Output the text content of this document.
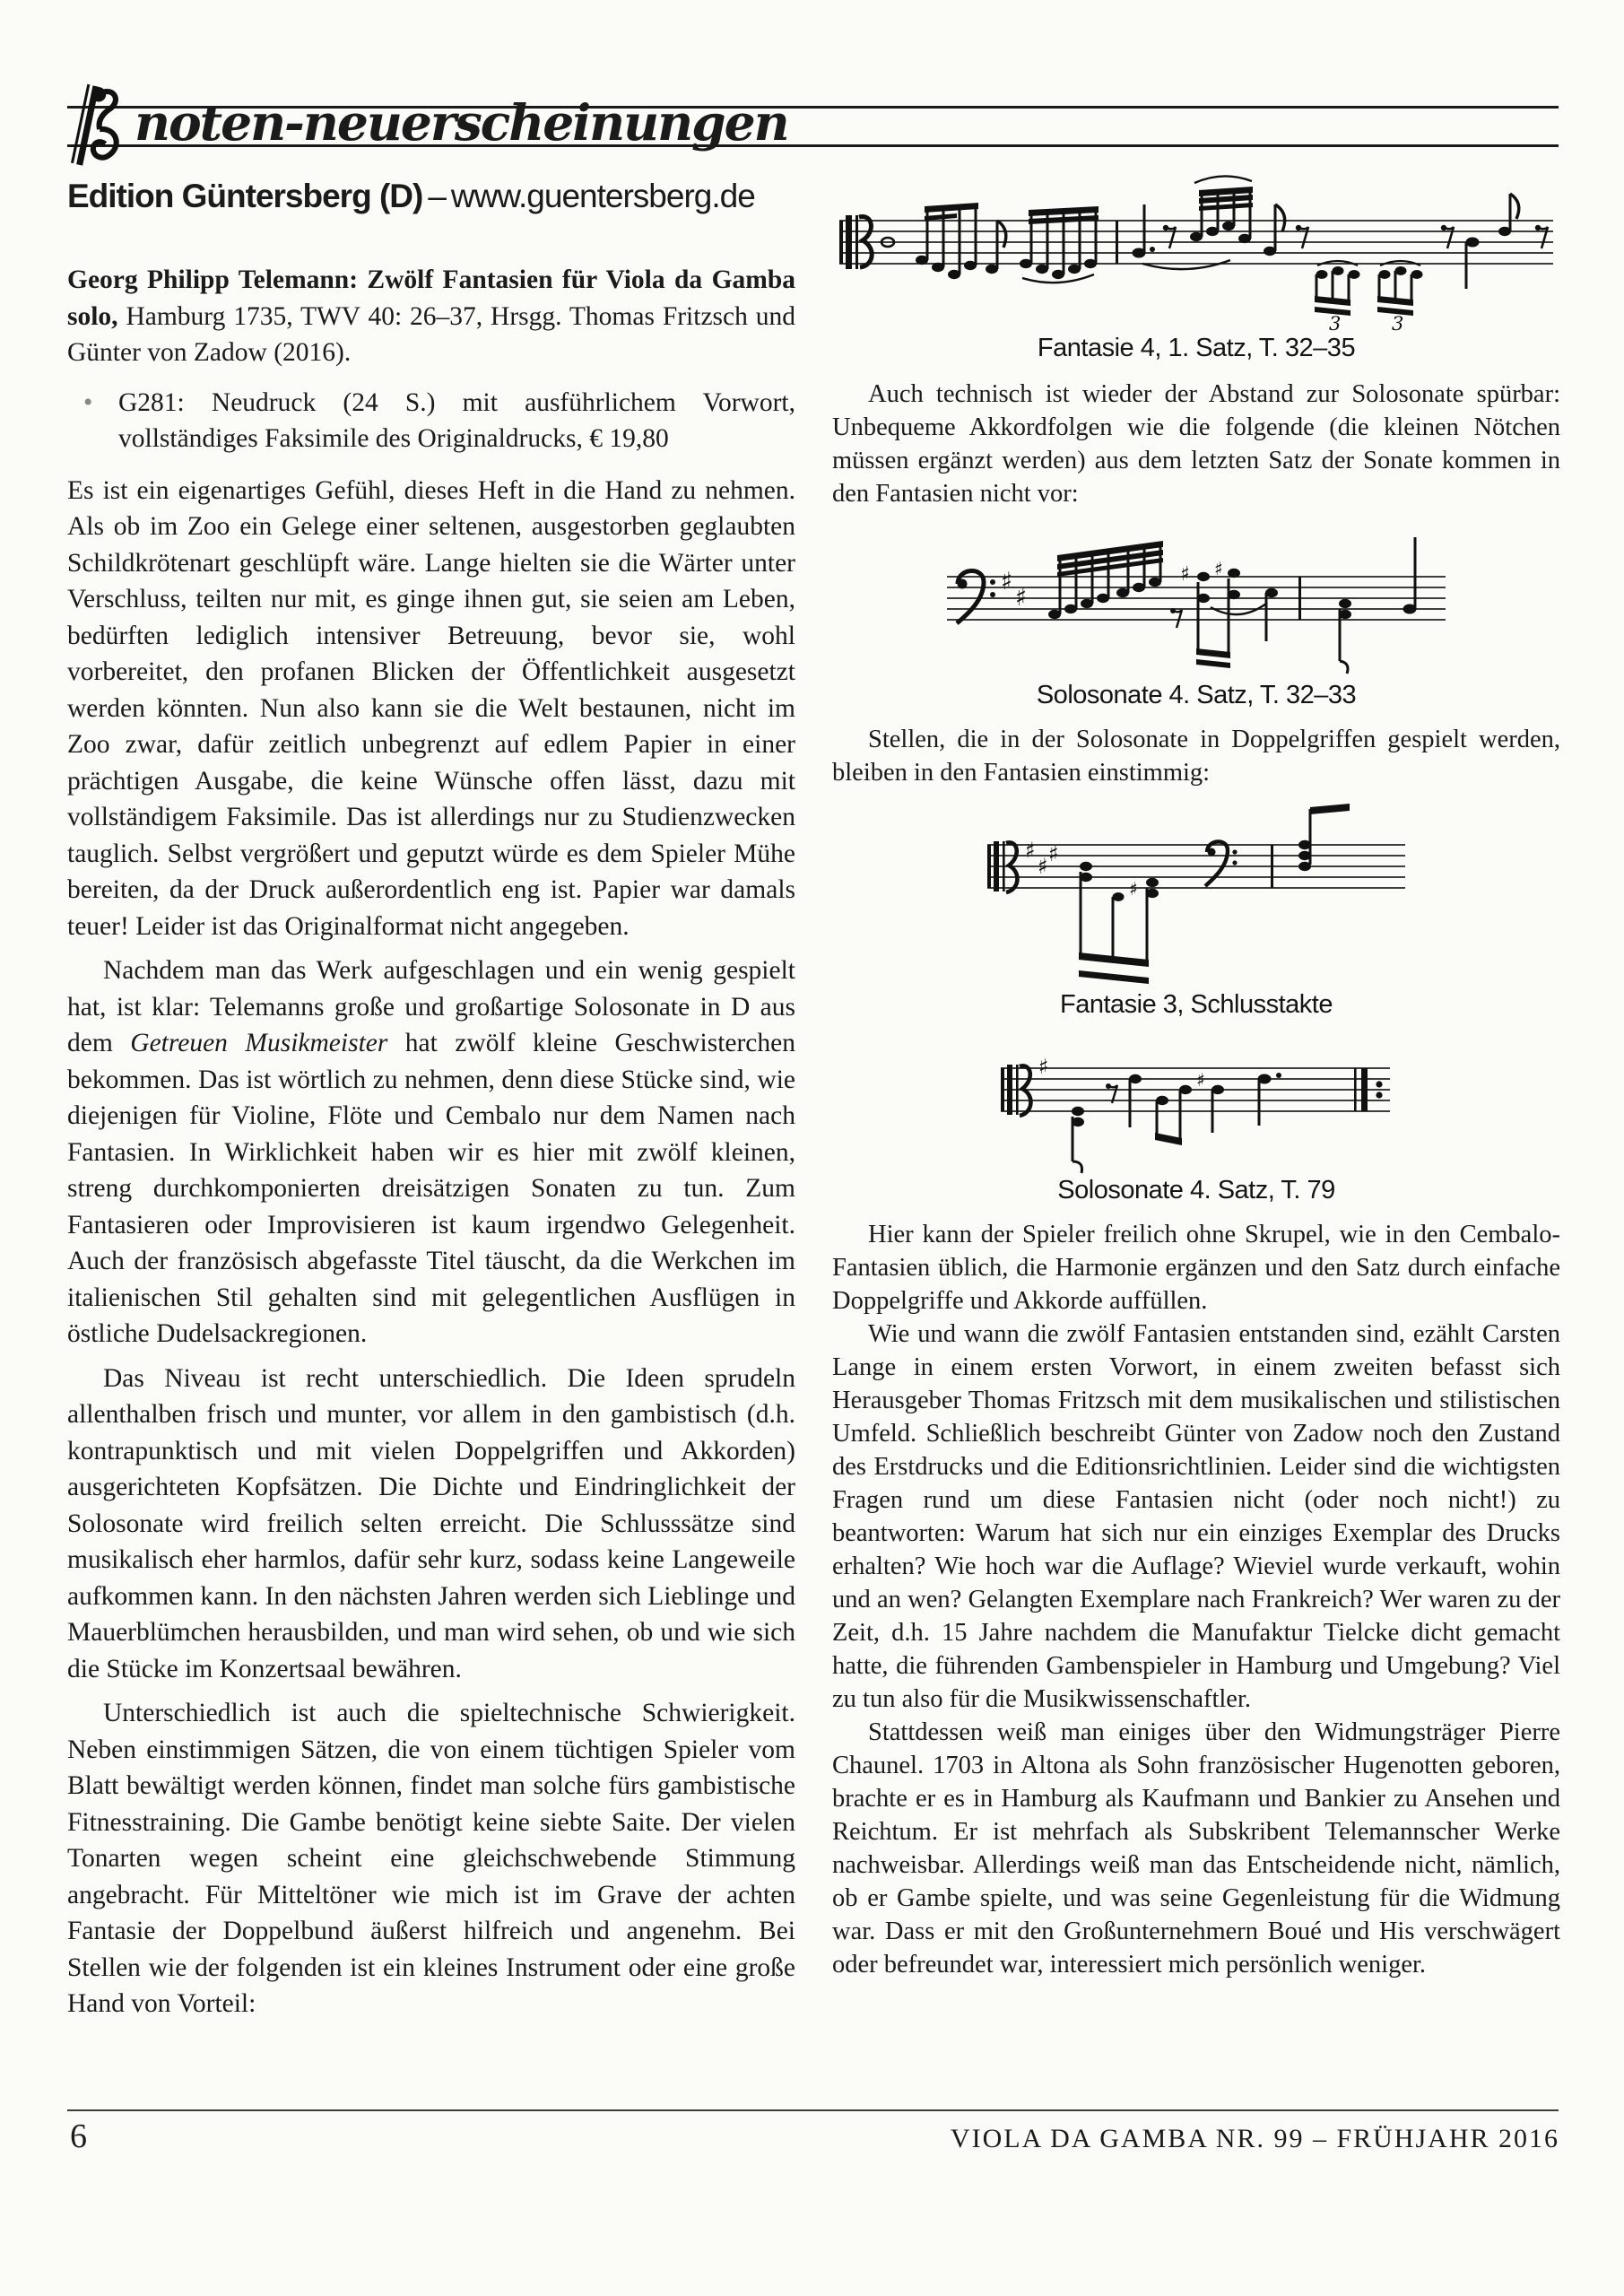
noten-neuerscheinungen
Edition Güntersberg (D) – www.guentersberg.de

Georg Philipp Telemann: Zwölf Fantasien für Viola da Gamba solo, Hamburg 1735, TWV 40: 26–37, Hrsgg. Thomas Fritzsch und Günter von Zadow (2016).

• G281: Neudruck (24 S.) mit ausführlichem Vorwort, vollständiges Faksimile des Originaldrucks, € 19,80

Es ist ein eigenartiges Gefühl, dieses Heft in die Hand zu nehmen. Als ob im Zoo ein Gelege einer seltenen, ausgestorben geglaubten Schildkrötenart geschlüpft wäre. Lange hielten sie die Wärter unter Verschluss, teilten nur mit, es ginge ihnen gut, sie seien am Leben, bedürften lediglich intensiver Betreuung, bevor sie, wohl vorbereitet, den profanen Blicken der Öffentlichkeit ausgesetzt werden könnten. Nun also kann sie die Welt bestaunen, nicht im Zoo zwar, dafür zeitlich unbegrenzt auf edlem Papier in einer prächtigen Ausgabe, die keine Wünsche offen lässt, dazu mit vollständigem Faksimile. Das ist allerdings nur zu Studienzwecken tauglich. Selbst vergrößert und geputzt würde es dem Spieler Mühe bereiten, da der Druck außerordentlich eng ist. Papier war damals teuer! Leider ist das Originalformat nicht angegeben.

Nachdem man das Werk aufgeschlagen und ein wenig gespielt hat, ist klar: Telemanns große und großartige Solosonate in D aus dem Getreuen Musikmeister hat zwölf kleine Geschwisterchen bekommen. Das ist wörtlich zu nehmen, denn diese Stücke sind, wie diejenigen für Violine, Flöte und Cembalo nur dem Namen nach Fantasien. In Wirklichkeit haben wir es hier mit zwölf kleinen, streng durchkomponierten dreisätzigen Sonaten zu tun. Zum Fantasieren oder Improvisieren ist kaum irgendwo Gelegenheit. Auch der französisch abgefasste Titel täuscht, da die Werkchen im italienischen Stil gehalten sind mit gelegentlichen Ausflügen in östliche Dudelsackregionen.

Das Niveau ist recht unterschiedlich. Die Ideen sprudeln allenthalben frisch und munter, vor allem in den gambistisch (d.h. kontrapunktisch und mit vielen Doppelgriffen und Akkorden) ausgerichteten Kopfsätzen. Die Dichte und Eindringlichkeit der Solosonate wird freilich selten erreicht. Die Schlusssätze sind musikalisch eher harmlos, dafür sehr kurz, sodass keine Langeweile aufkommen kann. In den nächsten Jahren werden sich Lieblinge und Mauerblümchen herausbilden, und man wird sehen, ob und wie sich die Stücke im Konzertsaal bewähren.

Unterschiedlich ist auch die spieltechnische Schwierigkeit. Neben einstimmigen Sätzen, die von einem tüchtigen Spieler vom Blatt bewältigt werden können, findet man solche fürs gambistische Fitnesstraining. Die Gambe benötigt keine siebte Saite. Der vielen Tonarten wegen scheint eine gleichschwebende Stimmung angebracht. Für Mitteltöner wie mich ist im Grave der achten Fantasie der Doppelbund äußerst hilfreich und angenehm. Bei Stellen wie der folgenden ist ein kleines Instrument oder eine große Hand von Vorteil:

3	3
Fantasie 4, 1. Satz, T. 32–35

Auch technisch ist wieder der Abstand zur Solosonate spürbar: Unbequeme Akkordfolgen wie die folgende (die kleinen Nötchen müssen ergänzt werden) aus dem letzten Satz der Sonate kommen in den Fantasien nicht vor:

♯
♯
♯ ♯
Solosonate 4. Satz, T. 32–33

Stellen, die in der Solosonate in Doppelgriffen gespielt werden, bleiben in den Fantasien einstimmig:

♯
♯ ♯
♯
Fantasie 3, Schlusstakte
♯
♯
Solosonate 4. Satz, T. 79

Hier kann der Spieler freilich ohne Skrupel, wie in den Cembalo-Fantasien üblich, die Harmonie ergänzen und den Satz durch einfache Doppelgriffe und Akkorde auffüllen.

Wie und wann die zwölf Fantasien entstanden sind, ezählt Carsten Lange in einem ersten Vorwort, in einem zweiten befasst sich Herausgeber Thomas Fritzsch mit dem musikalischen und stilistischen Umfeld. Schließlich beschreibt Günter von Zadow noch den Zustand des Erstdrucks und die Editionsrichtlinien. Leider sind die wichtigsten Fragen rund um diese Fantasien nicht (oder noch nicht!) zu beantworten: Warum hat sich nur ein einziges Exemplar des Drucks erhalten? Wie hoch war die Auflage? Wieviel wurde verkauft, wohin und an wen? Gelangten Exemplare nach Frankreich? Wer waren zu der Zeit, d.h. 15 Jahre nachdem die Manufaktur Tielcke dicht gemacht hatte, die führenden Gambenspieler in Hamburg und Umgebung? Viel zu tun also für die Musikwissenschaftler.

Stattdessen weiß man einiges über den Widmungsträger Pierre Chaunel. 1703 in Altona als Sohn französischer Hugenotten geboren, brachte er es in Hamburg als Kaufmann und Bankier zu Ansehen und Reichtum. Er ist mehrfach als Subskribent Telemannscher Werke nachweisbar. Allerdings weiß man das Entscheidende nicht, nämlich, ob er Gambe spielte, und was seine Gegenleistung für die Widmung war. Dass er mit den Großunternehmern Boué und His verschwägert oder befreundet war, interessiert mich persönlich weniger.

6	VIOLA DA GAMBA NR. 99 – FRÜHJAHR 2016
